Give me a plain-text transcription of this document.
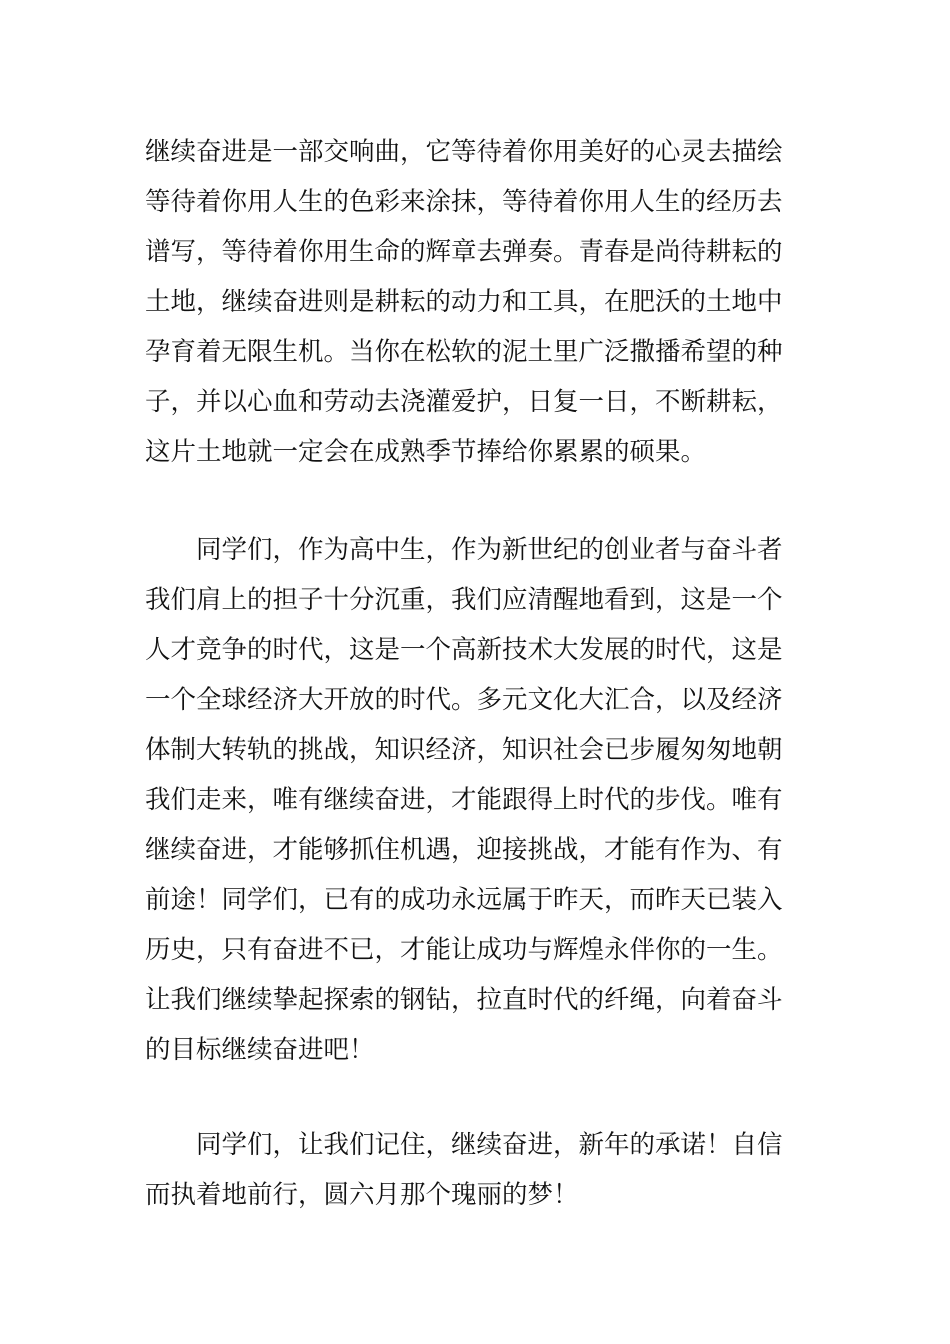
继续奋进是一部交响曲，它等待着你用美好的心灵去描绘
等待着你用人生的色彩来涂抹，等待着你用人生的经历去
谱写，等待着你用生命的辉章去弹奏。青春是尚待耕耘的
土地，继续奋进则是耕耘的动力和工具，在肥沃的土地中
孕育着无限生机。当你在松软的泥土里广泛撒播希望的种
子，并以心血和劳动去浇灌爱护，日复一日，不断耕耘，
这片土地就一定会在成熟季节捧给你累累的硕果。
同学们，作为高中生，作为新世纪的创业者与奋斗者
我们肩上的担子十分沉重，我们应清醒地看到，这是一个
人才竞争的时代，这是一个高新技术大发展的时代，这是
一个全球经济大开放的时代。多元文化大汇合，以及经济
体制大转轨的挑战，知识经济，知识社会已步履匆匆地朝
我们走来，唯有继续奋进，才能跟得上时代的步伐。唯有
继续奋进，才能够抓住机遇，迎接挑战，才能有作为、有
前途！同学们，已有的成功永远属于昨天，而昨天已装入
历史，只有奋进不已，才能让成功与辉煌永伴你的一生。
让我们继续挚起探索的钢钻，拉直时代的纤绳，向着奋斗
的目标继续奋进吧！
同学们，让我们记住，继续奋进，新年的承诺！自信
而执着地前行，圆六月那个瑰丽的梦！
